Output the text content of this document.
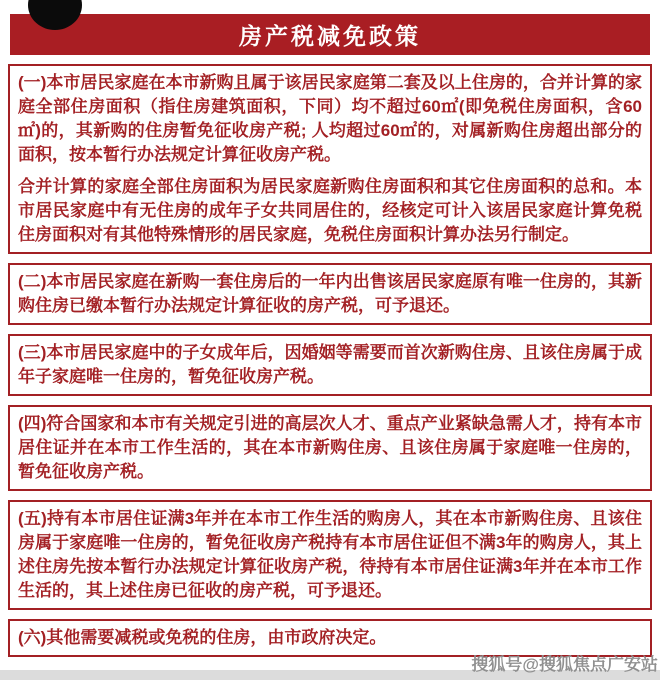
房产税减免政策

(一)本市居民家庭在本市新购且属于该居民家庭第二套及以上住房的，合并计算的家庭全部住房面积（指住房建筑面积，下同）均不超过60㎡(即免税住房面积，含60㎡)的，其新购的住房暂免征收房产税; 人均超过60㎡的，对属新购住房超出部分的面积，按本暂行办法规定计算征收房产税。

合并计算的家庭全部住房面积为居民家庭新购住房面积和其它住房面积的总和。本市居民家庭中有无住房的成年子女共同居住的，经核定可计入该居民家庭计算免税住房面积对有其他特殊情形的居民家庭，免税住房面积计算办法另行制定。

(二)本市居民家庭在新购一套住房后的一年内出售该居民家庭原有唯一住房的，其新购住房已缴本暂行办法规定计算征收的房产税，可予退还。

(三)本市居民家庭中的子女成年后，因婚姻等需要而首次新购住房、且该住房属于成年子家庭唯一住房的，暂免征收房产税。

(四)符合国家和本市有关规定引进的高层次人才、重点产业紧缺急需人才，持有本市居住证并在本市工作生活的，其在本市新购住房、且该住房属于家庭唯一住房的，暂免征收房产税。

(五)持有本市居住证满3年并在本市工作生活的购房人，其在本市新购住房、且该住房属于家庭唯一住房的，暂免征收房产税持有本市居住证但不满3年的购房人，其上述住房先按本暂行办法规定计算征收房产税，待持有本市居住证满3年并在本市工作生活的，其上述住房已征收的房产税，可予退还。

(六)其他需要减税或免税的住房，由市政府决定。

搜狐号@搜狐焦点广安站
